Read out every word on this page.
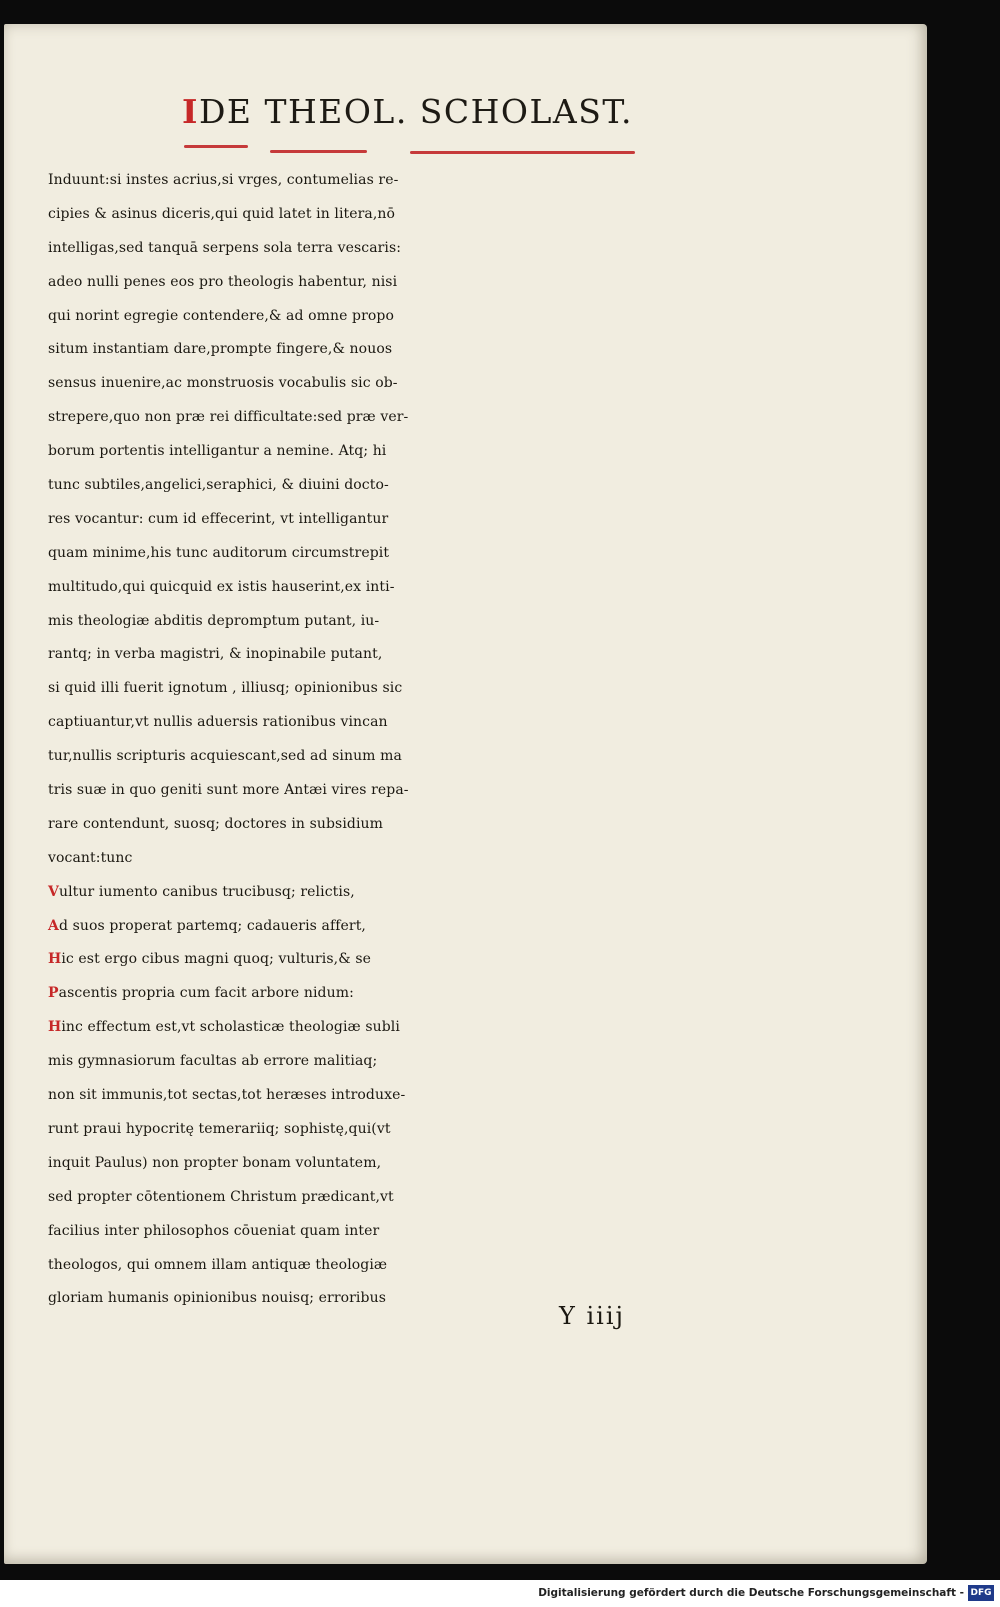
IDE THEOL. SCHOLAST.
Induunt:si instes acrius,si vrges, contumelias re-
cipies & asinus diceris,qui quid latet in litera,nō
intelligas,sed tanquā serpens sola terra vescaris:
adeo nulli penes eos pro theologis habentur, nisi
qui norint egregie contendere,& ad omne propo
situm instantiam dare,prompte fingere,& nouos
sensus inuenire,ac monstruosis vocabulis sic ob-
strepere,quo non præ rei difficultate:sed præ ver-
borum portentis intelligantur a nemine. Atq; hi
tunc subtiles,angelici,seraphici, & diuini docto-
res vocantur: cum id effecerint, vt intelligantur
quam minime,his tunc auditorum circumstrepit
multitudo,qui quicquid ex istis hauserint,ex inti-
mis theologiæ abditis depromptum putant, iu-
rantq; in verba magistri, & inopinabile putant,
si quid illi fuerit ignotum , illiusq; opinionibus sic
captiuantur,vt nullis aduersis rationibus vincan
tur,nullis scripturis acquiescant,sed ad sinum ma
tris suæ in quo geniti sunt more Antæi vires repa-
rare contendunt, suosq; doctores in subsidium
vocant:tunc
Vultur iumento canibus trucibusq; relictis,
Ad suos properat partemq; cadaueris affert,
Hic est ergo cibus magni quoq; vulturis,& se
Pascentis propria cum facit arbore nidum:
Hinc effectum est,vt scholasticæ theologiæ subli
mis gymnasiorum facultas ab errore malitiaq;
non sit immunis,tot sectas,tot heræses introduxe-
runt praui hypocritę temerariiq; sophistę,qui(vt
inquit Paulus) non propter bonam voluntatem,
sed propter cōtentionem Christum prædicant,vt
facilius inter philosophos cōueniat quam inter
theologos, qui omnem illam antiquæ theologiæ
gloriam humanis opinionibus nouisq; erroribus
Y iiij
Digitalisierung gefördert durch die Deutsche Forschungsgemeinschaft - DFG
